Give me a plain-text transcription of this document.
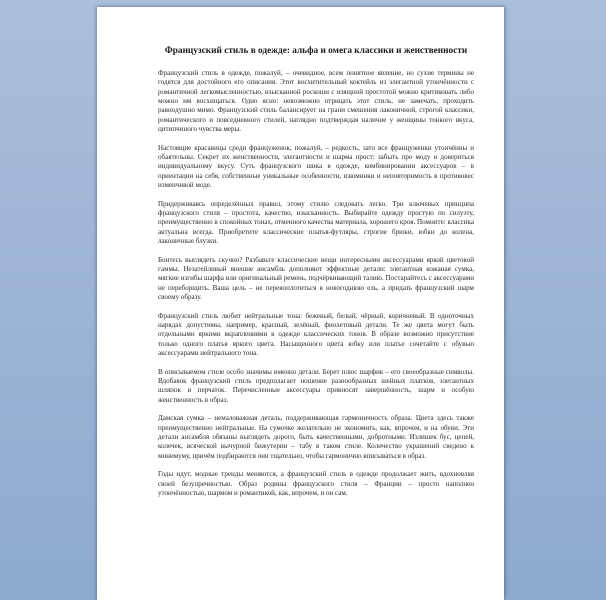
Французский стиль в одежде: альфа и омега классики и женственности

Французский стиль в одежде, пожалуй, – очевидное, всем понятное явление, но сухие термины не годятся для достойного его описания. Этот восхитительный коктейль из элегантной утончённости с романтичной легкомысленностью, изысканной роскоши с изящной простотой можно критиковать либо можно им восхищаться. Одно ясно: невозможно отрицать этот стиль, не замечать, проходить равнодушно мимо. Французский стиль балансирует на грани смешения лаконичной, строгой классики, романтического и повседневного стилей, наглядно подтверждая наличие у женщины тонкого вкуса, цитипчиного чувства меры.

Настоящие красавицы среди француженок, пожалуй, – редкость, зато все француженки утончённы и обаятельны. Секрет их женственности, элегантности и шарма прост: забыть про моду и довериться индивидуальному вкусу. Суть французского шика в одежде, комбинировании аксессуаров – в ориентации на себя, собственные уникальные особенности, изюминки и неповторимость в противовес изменчивой моде.

Придерживаясь определённых правил, этому стилю следовать легко. Три ключевых принципа французского стиля – простота, качество, изысканность. Выбирайте одежду простую по силуэту, преимущественно в спокойных тонах, отменного качества материала, хорошего кроя. Помните: классика актуальна всегда. Приобретите классические платья-футляры, строгие брюки, юбки до колена, лаконичные блузки.

Боитесь выглядеть скучно? Разбавьте классические вещи интересными аксессуарами яркой цветовой гаммы. Незатейливый внешне ансамбль дополняют эффектные детали: элегантная кожаная сумка, мягкие изгибы шарфа или оригинальный ремень, подчёркивающий талию. Постарайтесь с аксессуарами не переборщить. Ваша цель – не перевоплотиться в новогоднюю ель, а придать французский шарм своему образу.

Французский стиль любит нейтральные тона: бежевый, белый, чёрный, коричневый. В одноточных нарядах допустимы, например, красный, зелёный, фиолетовый детали. Те же цвета могут быть отдельными яркими вкраплениями в одежде классических тонов. В образе возможно присутствие только одного платья яркого цвета. Насыщенного цвета юбку или платье сочетайте с обувью аксессуарами нейтрального тона.

В описываемом стиле особо значимы именно детали. Берет плюс шарфик – его своеобразные символы. Вдобавок французский стиль предполагает ношение разнообразных шейных платков, элегантных шляпок и перчаток. Перечисленные аксессуары привносят завершённость, шарм и особую женственность в образ.

Дамская сумка – немаловажная деталь, поддерживающая гармоничность образа. Цвета здесь также преимущественно нейтральные. На сумочке желательно не экономить, как, впрочем, и на обуви. Эти детали ансамбля обязаны выглядеть дорого, быть качественными, добротными. Излишек бус, цепей, колечек, всяческой вычурной бижутерии – табу в таком стиле. Количество украшений сведено к минимуму, причём подбираются они тщательно, чтобы гармонично вписываться в образ.

Годы идут, модные тренды меняются, а французский стиль в одежде продолжает жить, вдохновляя своей безупречностью. Образ родины французского стиля – Франции – просто наполнен утончённостью, шармом и романтикой, как, впрочем, и он сам.
